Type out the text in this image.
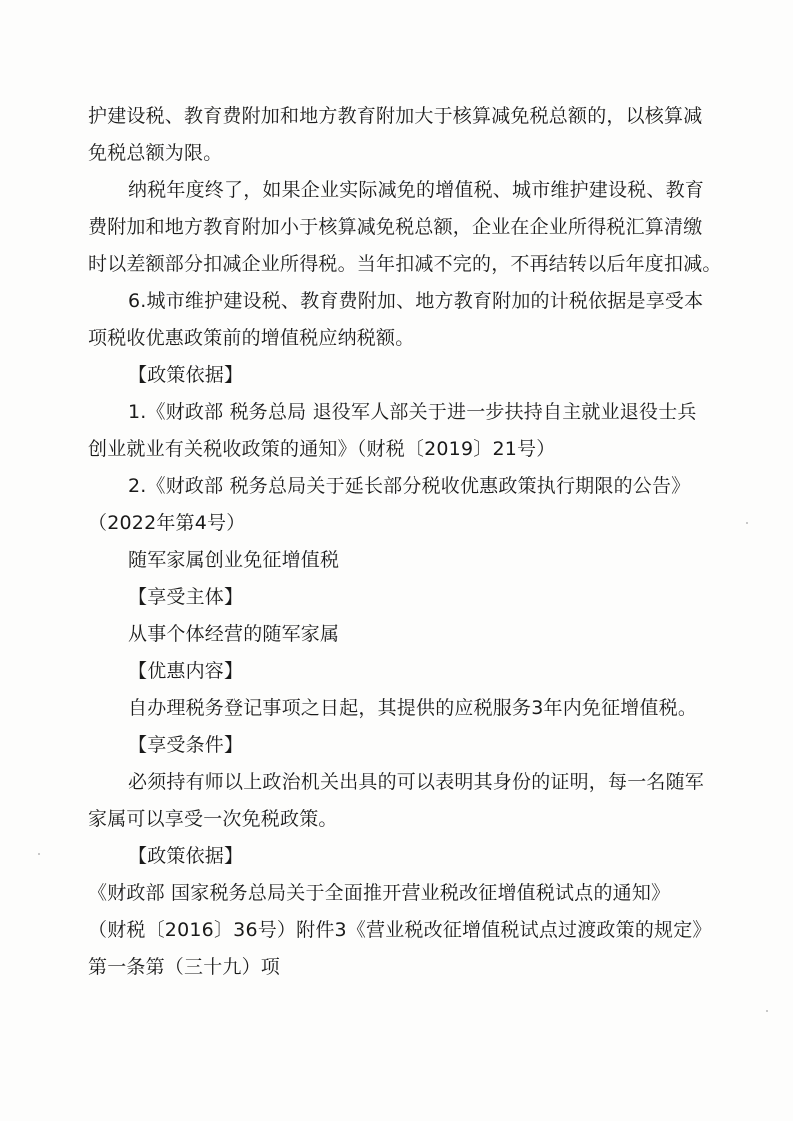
护建设税、教育费附加和地方教育附加大于核算减免税总额的，以核算减
免税总额为限。
纳税年度终了，如果企业实际减免的增值税、城市维护建设税、教育
费附加和地方教育附加小于核算减免税总额，企业在企业所得税汇算清缴
时以差额部分扣减企业所得税。当年扣减不完的，不再结转以后年度扣减。
6.城市维护建设税、教育费附加、地方教育附加的计税依据是享受本
项税收优惠政策前的增值税应纳税额。
【政策依据】
1.《财政部 税务总局 退役军人部关于进一步扶持自主就业退役士兵
创业就业有关税收政策的通知》（财税〔2019〕21号）
2.《财政部 税务总局关于延长部分税收优惠政策执行期限的公告》
（2022年第4号）
随军家属创业免征增值税
【享受主体】
从事个体经营的随军家属
【优惠内容】
自办理税务登记事项之日起，其提供的应税服务3年内免征增值税。
【享受条件】
必须持有师以上政治机关出具的可以表明其身份的证明，每一名随军
家属可以享受一次免税政策。
【政策依据】
《财政部 国家税务总局关于全面推开营业税改征增值税试点的通知》
（财税〔2016〕36号）附件3《营业税改征增值税试点过渡政策的规定》
第一条第（三十九）项
